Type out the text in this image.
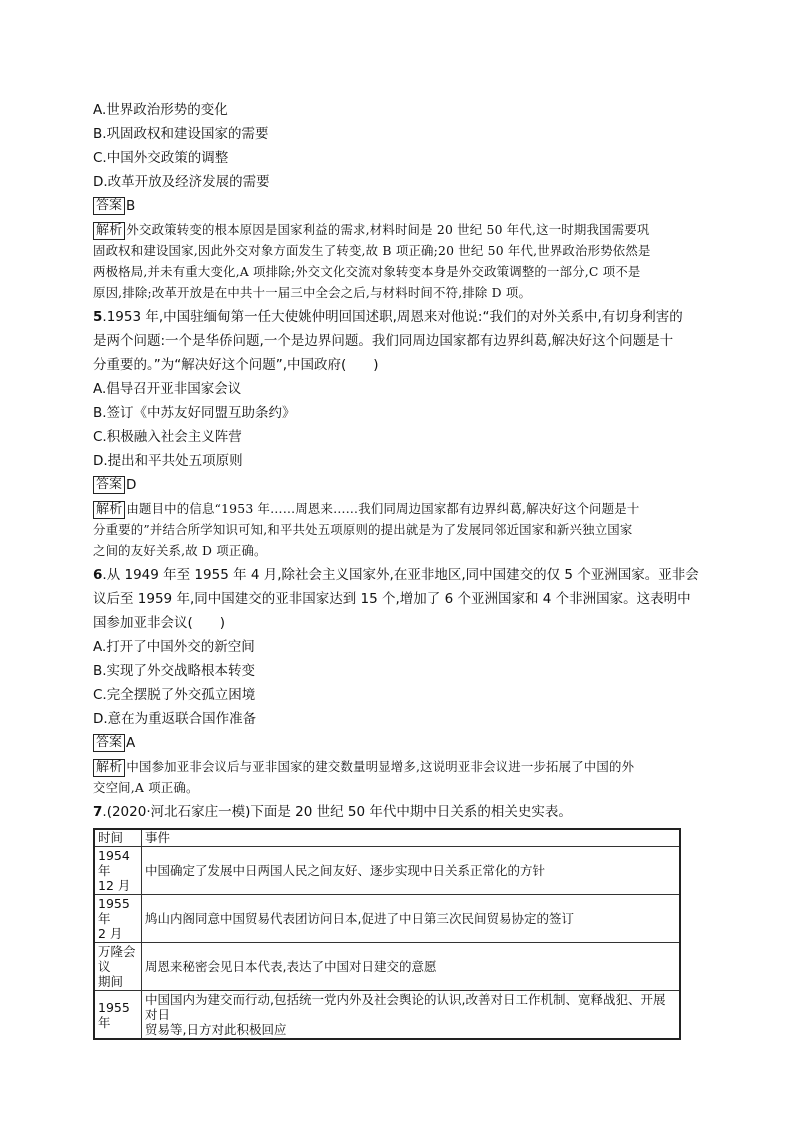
A.世界政治形势的变化
B.巩固政权和建设国家的需要
C.中国外交政策的调整
D.改革开放及经济发展的需要
答案 B
解析 外交政策转变的根本原因是国家利益的需求,材料时间是 20 世纪 50 年代,这一时期我国需要巩
固政权和建设国家,因此外交对象方面发生了转变,故 B 项正确;20 世纪 50 年代,世界政治形势依然是
两极格局,并未有重大变化,A 项排除;外交文化交流对象转变本身是外交政策调整的一部分,C 项不是
原因,排除;改革开放是在中共十一届三中全会之后,与材料时间不符,排除 D 项。
5.1953 年,中国驻缅甸第一任大使姚仲明回国述职,周恩来对他说:“我们的对外关系中,有切身利害的
是两个问题:一个是华侨问题,一个是边界问题。我们同周边国家都有边界纠葛,解决好这个问题是十
分重要的。”为“解决好这个问题”,中国政府(　　)
A.倡导召开亚非国家会议
B.签订《中苏友好同盟互助条约》
C.积极融入社会主义阵营
D.提出和平共处五项原则
答案 D
解析 由题目中的信息“1953 年……周恩来……我们同周边国家都有边界纠葛,解决好这个问题是十
分重要的”并结合所学知识可知,和平共处五项原则的提出就是为了发展同邻近国家和新兴独立国家
之间的友好关系,故 D 项正确。
6.从 1949 年至 1955 年 4 月,除社会主义国家外,在亚非地区,同中国建交的仅 5 个亚洲国家。亚非会
议后至 1959 年,同中国建交的亚非国家达到 15 个,增加了 6 个亚洲国家和 4 个非洲国家。这表明中
国参加亚非会议(　　)
A.打开了中国外交的新空间
B.实现了外交战略根本转变
C.完全摆脱了外交孤立困境
D.意在为重返联合国作准备
答案 A
解析 中国参加亚非会议后与亚非国家的建交数量明显增多,这说明亚非会议进一步拓展了中国的外
交空间,A 项正确。
7.(2020·河北石家庄一模)下面是 20 世纪 50 年代中期中日关系的相关史实表。
时间	事件

1954 年
12 月	中国确定了发展中日两国人民之间友好、逐步实现中日关系正常化的方针

1955 年
2 月	鸠山内阁同意中国贸易代表团访问日本,促进了中日第三次民间贸易协定的签订

万隆会
议
期间	周恩来秘密会见日本代表,表达了中国对日建交的意愿

1955 年	中国国内为建交而行动,包括统一党内外及社会舆论的认识,改善对日工作机制、宽释战犯、开展对日
贸易等,日方对此积极回应
